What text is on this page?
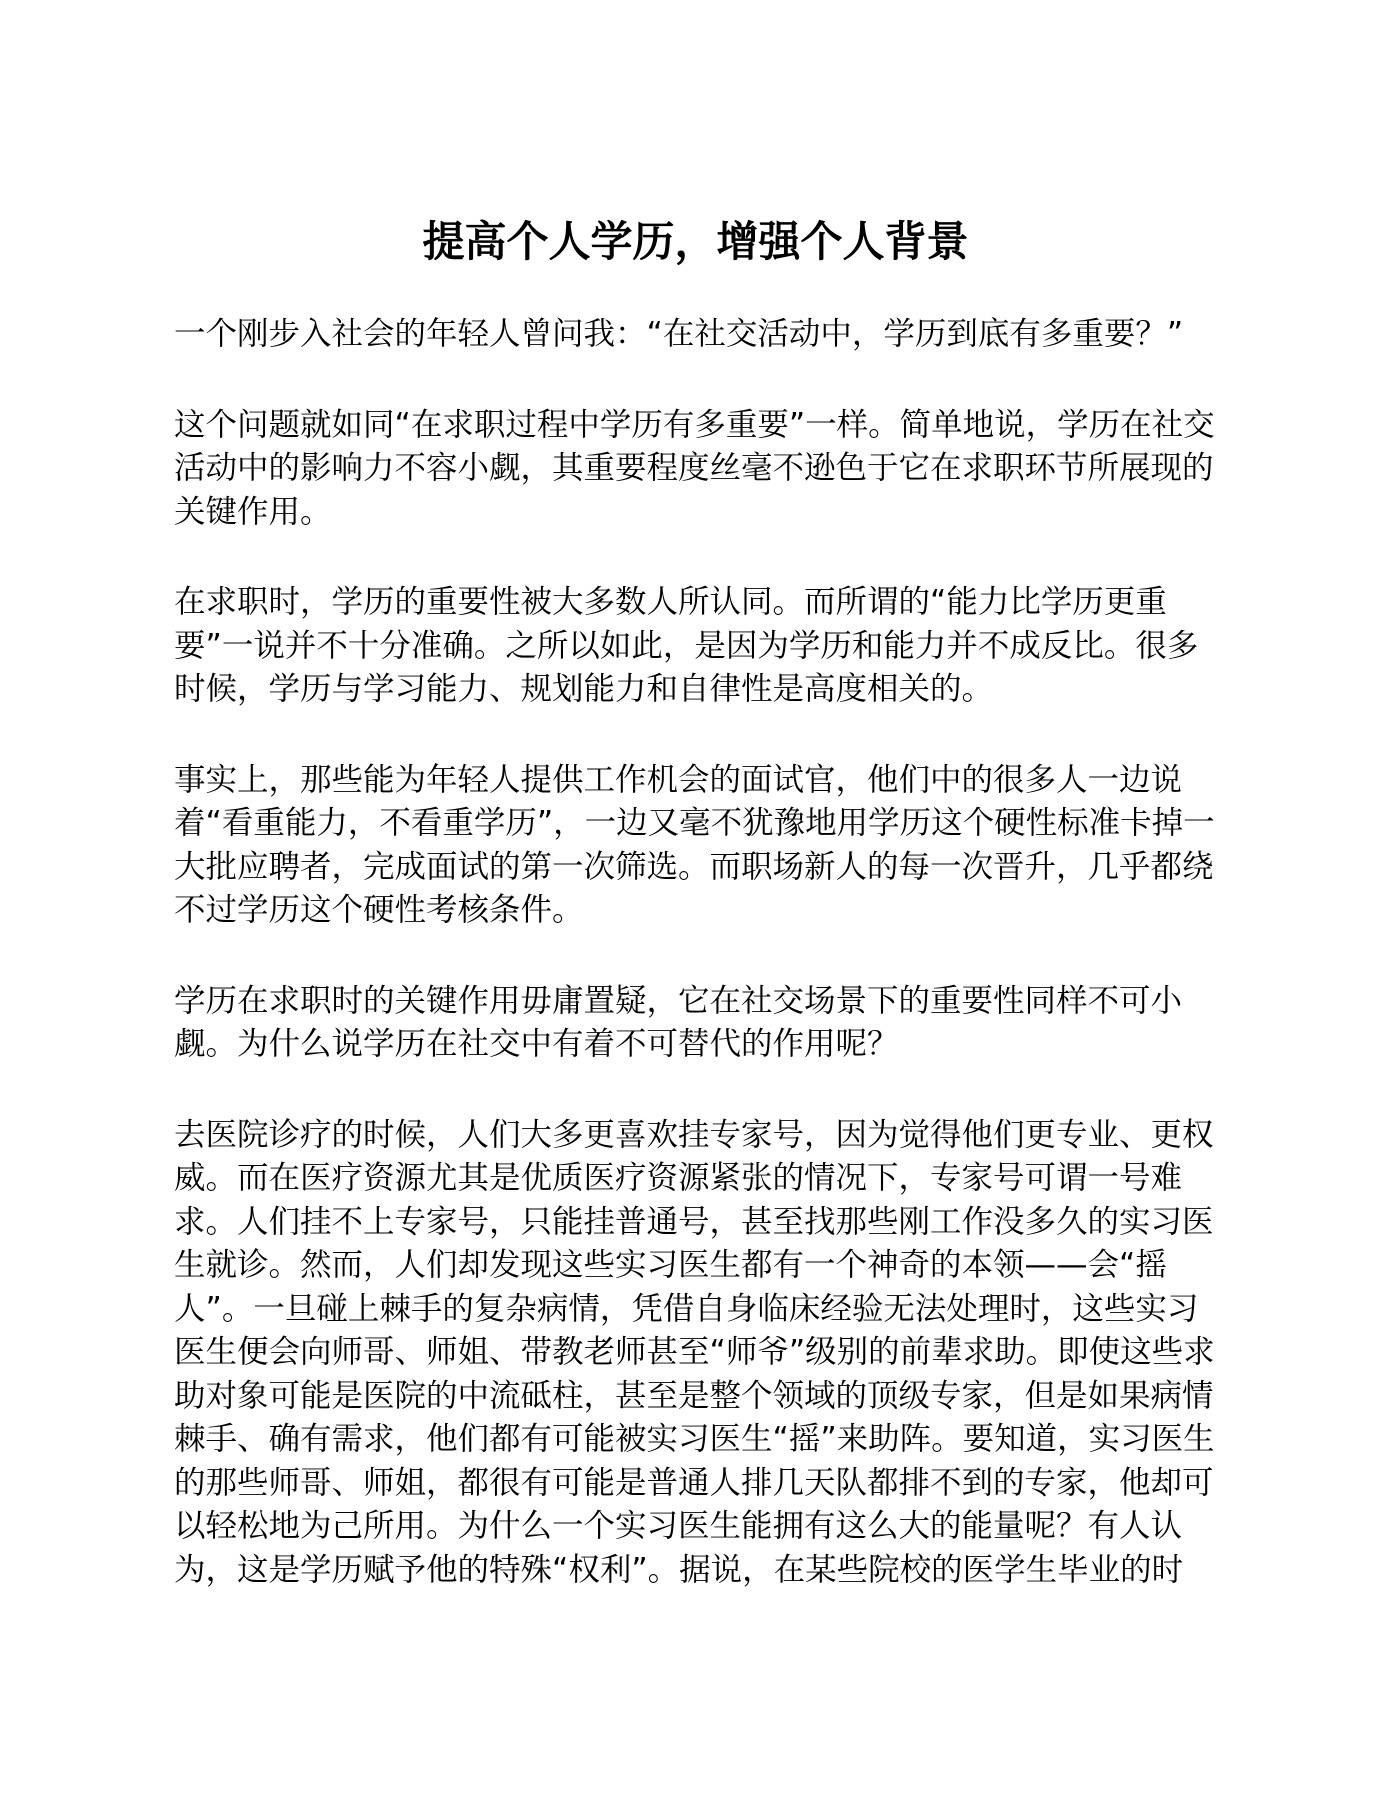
提高个人学历，增强个人背景

一个刚步入社会的年轻人曾问我：“在社交活动中，学历到底有多重要？”

这个问题就如同“在求职过程中学历有多重要”一样。简单地说，学历在社交活动中的影响力不容小觑，其重要程度丝毫不逊色于它在求职环节所展现的关键作用。

在求职时，学历的重要性被大多数人所认同。而所谓的“能力比学历更重要”一说并不十分准确。之所以如此，是因为学历和能力并不成反比。很多时候，学历与学习能力、规划能力和自律性是高度相关的。

事实上，那些能为年轻人提供工作机会的面试官，他们中的很多人一边说着“看重能力，不看重学历”，一边又毫不犹豫地用学历这个硬性标准卡掉一大批应聘者，完成面试的第一次筛选。而职场新人的每一次晋升，几乎都绕不过学历这个硬性考核条件。

学历在求职时的关键作用毋庸置疑，它在社交场景下的重要性同样不可小觑。为什么说学历在社交中有着不可替代的作用呢？

去医院诊疗的时候，人们大多更喜欢挂专家号，因为觉得他们更专业、更权威。而在医疗资源尤其是优质医疗资源紧张的情况下，专家号可谓一号难求。人们挂不上专家号，只能挂普通号，甚至找那些刚工作没多久的实习医生就诊。然而，人们却发现这些实习医生都有一个神奇的本领——会“摇人”。一旦碰上棘手的复杂病情，凭借自身临床经验无法处理时，这些实习医生便会向师哥、师姐、带教老师甚至“师爷”级别的前辈求助。即使这些求助对象可能是医院的中流砥柱，甚至是整个领域的顶级专家，但是如果病情棘手、确有需求，他们都有可能被实习医生“摇”来助阵。要知道，实习医生的那些师哥、师姐，都很有可能是普通人排几天队都排不到的专家，他却可以轻松地为己所用。为什么一个实习医生能拥有这么大的能量呢？有人认为，这是学历赋予他的特殊“权利”。据说，在某些院校的医学生毕业的时
